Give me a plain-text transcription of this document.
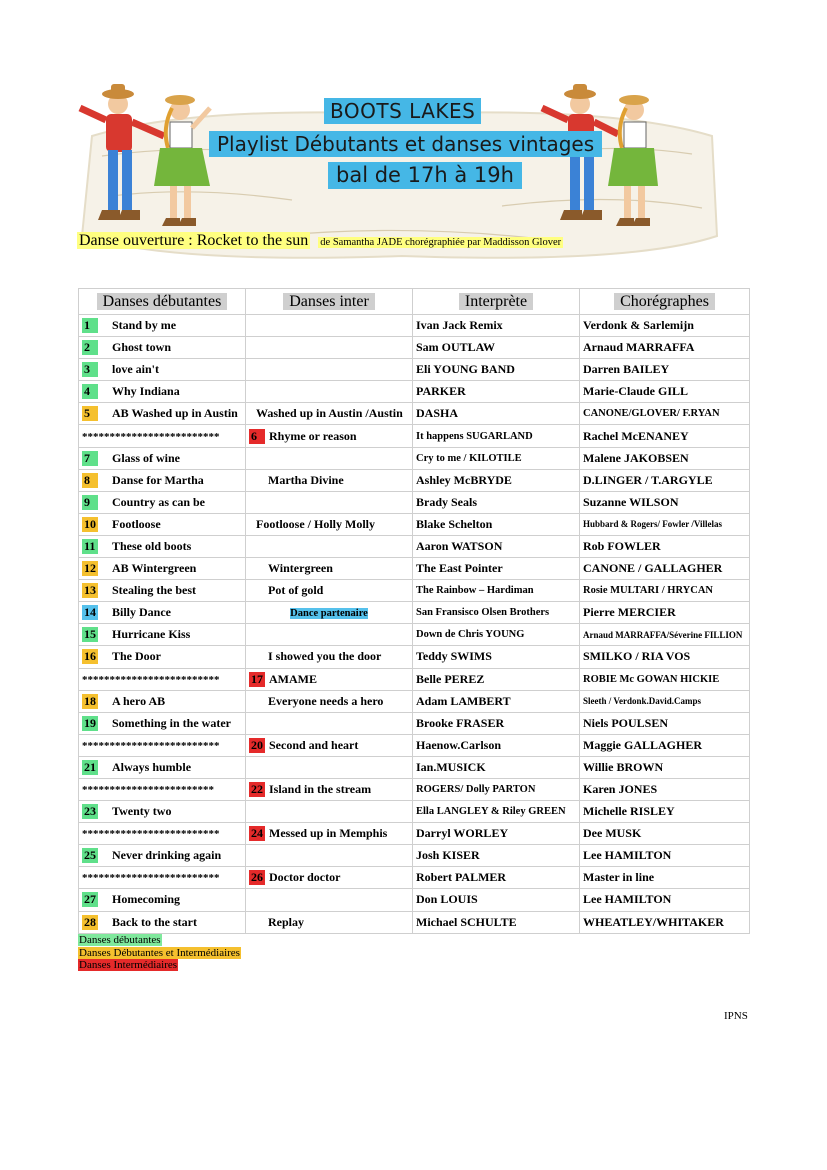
BOOTS LAKES
Playlist Débutants et danses vintages
bal de 17h à 19h
Danse ouverture : Rocket to the sun de Samantha JADE chorégraphiée par Maddisson Glover
Danses débutantes	Danses inter	Interprète	Chorégraphes
1 Stand by me		Ivan Jack Remix	Verdonk & Sarlemijn
2 Ghost town		Sam OUTLAW	Arnaud MARRAFFA
3 love ain't		Eli YOUNG BAND	Darren BAILEY
4 Why Indiana		PARKER	Marie-Claude GILL
5 AB Washed up in Austin	Washed up in Austin /Austin	DASHA	CANONE/GLOVER/ F.RYAN
*************************	6 Rhyme or reason	It happens SUGARLAND	Rachel McENANEY
7 Glass of wine		Cry to me / KILOTILE	Malene JAKOBSEN
8 Danse for Martha	Martha Divine	Ashley McBRYDE	D.LINGER / T.ARGYLE
9 Country as can be		Brady Seals	Suzanne WILSON
10 Footloose	Footloose / Holly Molly	Blake Schelton	Hubbard & Rogers/ Fowler /Villelas
11 These old boots		Aaron WATSON	Rob FOWLER
12 AB Wintergreen	Wintergreen	The East Pointer	CANONE / GALLAGHER
13 Stealing the best	Pot of gold	The Rainbow – Hardiman	Rosie MULTARI / HRYCAN
14 Billy Dance	Dance partenaire	San Fransisco Olsen Brothers	Pierre MERCIER
15 Hurricane Kiss		Down de Chris YOUNG	Arnaud MARRAFFA/Séverine FILLION
16 The Door	I showed you the door	Teddy SWIMS	SMILKO / RIA VOS
*************************	17 AMAME	Belle PEREZ	ROBIE Mc GOWAN HICKIE
18 A hero AB	Everyone needs a hero	Adam LAMBERT	Sleeth / Verdonk.David.Camps
19 Something in the water		Brooke FRASER	Niels POULSEN
*************************	20 Second and heart	Haenow.Carlson	Maggie GALLAGHER
21 Always humble		Ian.MUSICK	Willie BROWN
************************	22 Island in the stream	ROGERS/ Dolly PARTON	Karen JONES
23 Twenty two		Ella LANGLEY & Riley GREEN	Michelle RISLEY
*************************	24 Messed up in Memphis	Darryl WORLEY	Dee MUSK
25 Never drinking again		Josh KISER	Lee HAMILTON
*************************	26 Doctor doctor	Robert PALMER	Master in line
27 Homecoming		Don LOUIS	Lee HAMILTON
28 Back to the start	Replay	Michael SCHULTE	WHEATLEY/WHITAKER
Danses débutantes
Danses Débutantes et Intermédiaires
Danses Intermédiaires
IPNS
